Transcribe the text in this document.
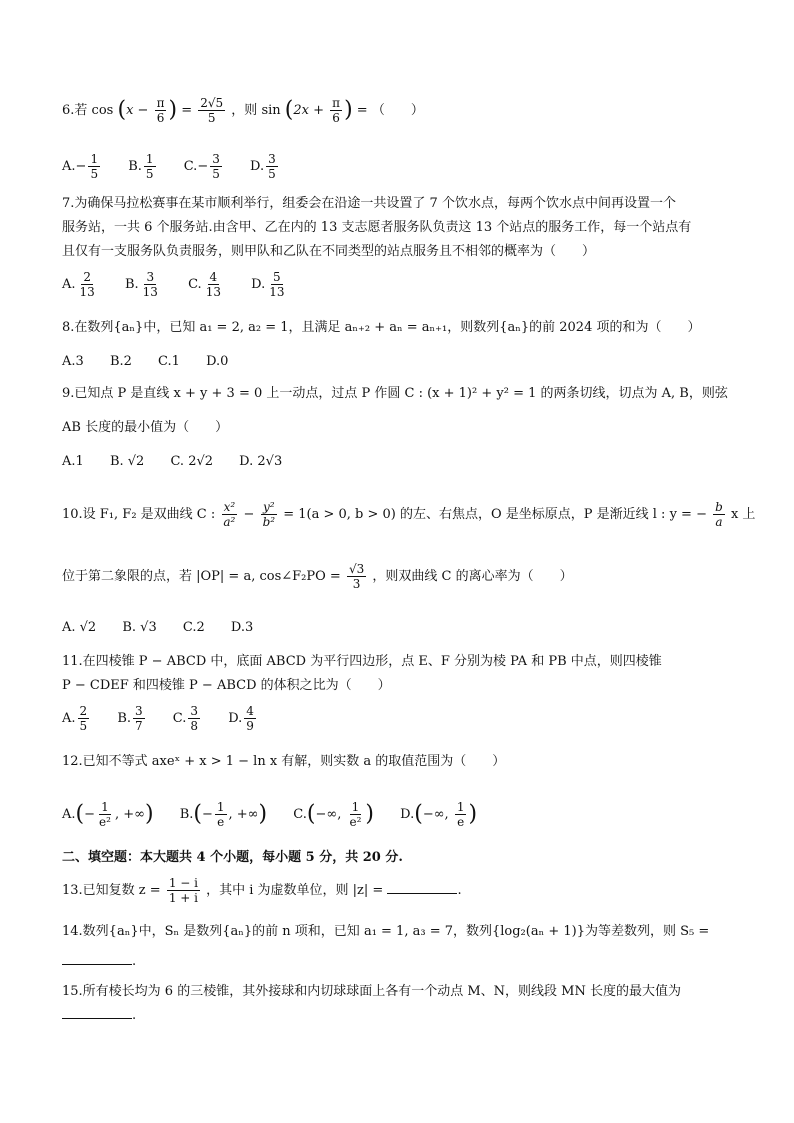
6.若 $\cos (x - \frac{\pi}{6}$ ) = $\frac{2√5}{5}$ ，则 $\sin (2x + \frac{\pi}{6}$ ) = （　　）
$A.- \frac{1}{5} B$. $\frac{1}{5} C.- \frac{3}{5} D$. $\frac{3}{5}$
7.为确保马拉松赛事在某市顺利举行，组委会在沿途一共设置了 7 个饮水点，每两个饮水点中间再设置一个
服务站，一共 6 个服务站.由含甲、乙在内的 13 支志愿者服务队负责这 13 个站点的服务工作，每一个站点有
且仅有一支服务队负责服务，则甲队和乙队在不同类型的站点服务且不相邻的概率为（　　）
A. $\frac{2}{13} B$. $\frac{3}{13} C$. $\frac{4}{13} D$. $\frac{5}{13}$
8.在数列{aₙ}中，已知 a₁ = 2, a₂ = 1，且满足 aₙ₊₂ + aₙ = aₙ₊₁，则数列{aₙ}的前 2024 项的和为（　　）
A.3 B.2 C.1 D.0
9.已知点 P 是直线 x + y + 3 = 0 上一动点，过点 P 作圆 C : (x + 1)² + y² = 1 的两条切线，切点为 A, B，则弦
AB 长度的最小值为（　　）
A.1 B. √2 C. 2√2 D. 2√3
10.设 F₁, F₂ 是双曲线 C : $\frac{\text{x²}}{\text{a²}} - \frac{\text{y²}}{\text{b²}} = 1(a > 0$, b > 0) 的左、右焦点，O 是坐标原点，P 是渐近线 l : y = − $\frac{b}{a}$ x 上
位于第二象限的点，若 |OP| = a, cos∠F₂PO = $\frac{√3}{3}$ ，则双曲线 C 的离心率为（　　）
A. √2 B. √3 C.2 D.3
11.在四棱锥 P − ABCD 中，底面 ABCD 为平行四边形，点 E、F 分别为棱 PA 和 PB 中点，则四棱锥
P − CDEF 和四棱锥 P − ABCD 的体积之比为（　　）
A. $\frac{2}{5} B$. $\frac{3}{7} C$. $\frac{3}{8} D$. $\frac{4}{9}$
12.已知不等式 axeˣ + x > 1 − ln x 有解，则实数 a 的取值范围为（　　）
$A.(- \frac{1}{\text{e²}}$ , +∞) $B.(- \frac{1}{e}$ , +∞) C.(−∞, $\frac{1}{\text{e²}}$ ) D.(−∞, $\frac{1}{e}$ )
二、填空题：本大题共 4 个小题，每小题 5 分，共 20 分.
13.已知复数 $z = \frac{1 - i}{1 + i}$ ，其中 i 为虚数单位，则 |z| =	.
14.数列{aₙ}中，Sₙ 是数列{aₙ}的前 n 项和，已知 a₁ = 1, a₃ = 7，数列{log₂(aₙ + 1)}为等差数列，则 S₅ =
.
15.所有棱长均为 6 的三棱锥，其外接球和内切球球面上各有一个动点 M、N，则线段 MN 长度的最大值为
.
